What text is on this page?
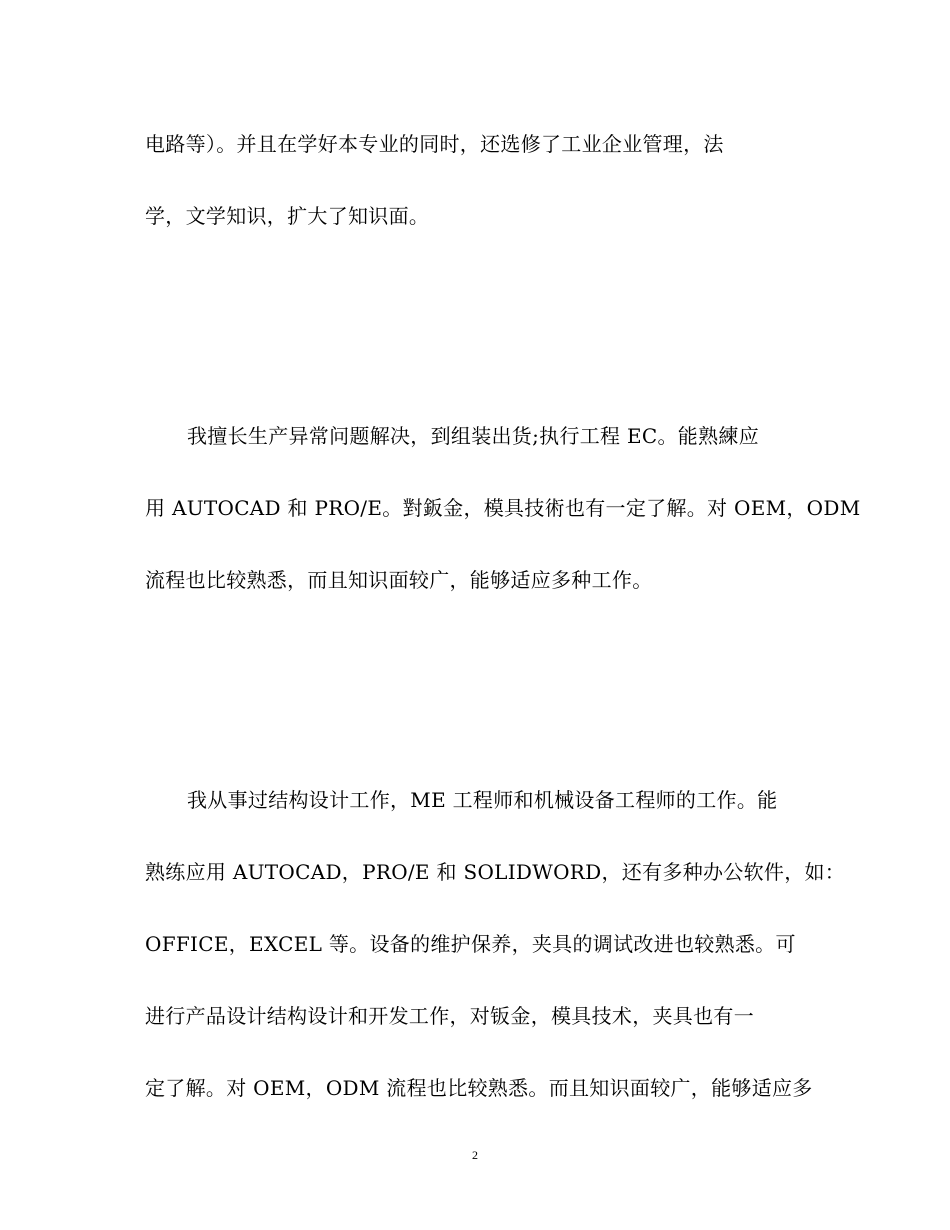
电路等）。并且在学好本专业的同时，还选修了工业企业管理，法
学，文学知识，扩大了知识面。
我擅长生产异常问题解决，到组装出货;执行工程 EC。能熟練应
用 AUTOCAD 和 PRO/E。對鈑金，模具技術也有一定了解。对 OEM，ODM
流程也比较熟悉，而且知识面较广，能够适应多种工作。
我从事过结构设计工作，ME 工程师和机械设备工程师的工作。能
熟练应用 AUTOCAD，PRO/E 和 SOLIDWORD，还有多种办公软件，如：
OFFICE，EXCEL 等。设备的维护保养，夹具的调试改进也较熟悉。可
进行产品设计结构设计和开发工作，对钣金，模具技术，夹具也有一
定了解。对 OEM，ODM 流程也比较熟悉。而且知识面较广，能够适应多
2
